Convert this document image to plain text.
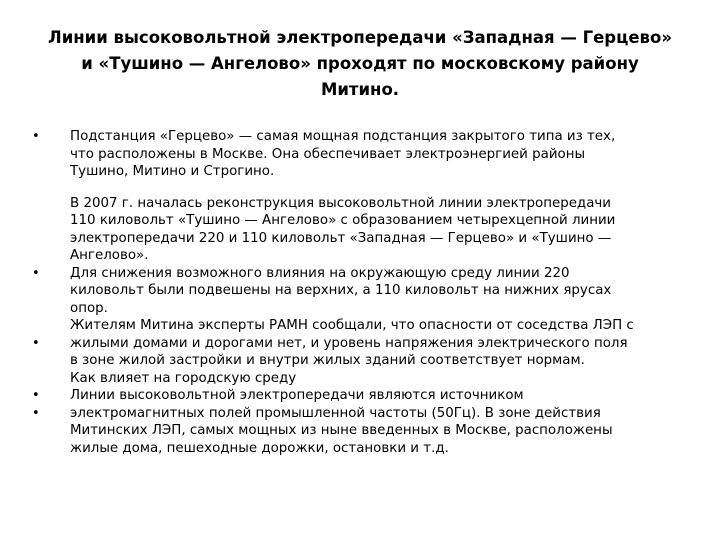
Линии высоковольтной электропередачи «Западная — Герцево»
и «Тушино — Ангелово» проходят по московскому району
Митино.
• Подстанция «Герцево» — самая мощная подстанция закрытого типа из тех,
что расположены в Москве. Она обеспечивает электроэнергией районы
Тушино, Митино и Строгино.
•
•
•
•
В 2007 г. началась реконструкция высоковольтной линии электропередачи
110 киловольт «Тушино — Ангелово» с образованием четырехцепной линии
электропередачи 220 и 110 киловольт «Западная — Герцево» и «Тушино —
Ангелово».
Для снижения возможного влияния на окружающую среду линии 220
киловольт были подвешены на верхних, а 110 киловольт на нижних ярусах
опор.
Жителям Митина эксперты РАМН сообщали, что опасности от соседства ЛЭП с
жилыми домами и дорогами нет, и уровень напряжения электрического поля
в зоне жилой застройки и внутри жилых зданий соответствует нормам.
Как влияет на городскую среду
Линии высоковольтной электропередачи являются источником
электромагнитных полей промышленной частоты (50Гц). В зоне действия
Митинских ЛЭП, самых мощных из ныне введенных в Москве, расположены
жилые дома, пешеходные дорожки, остановки и т.д.
